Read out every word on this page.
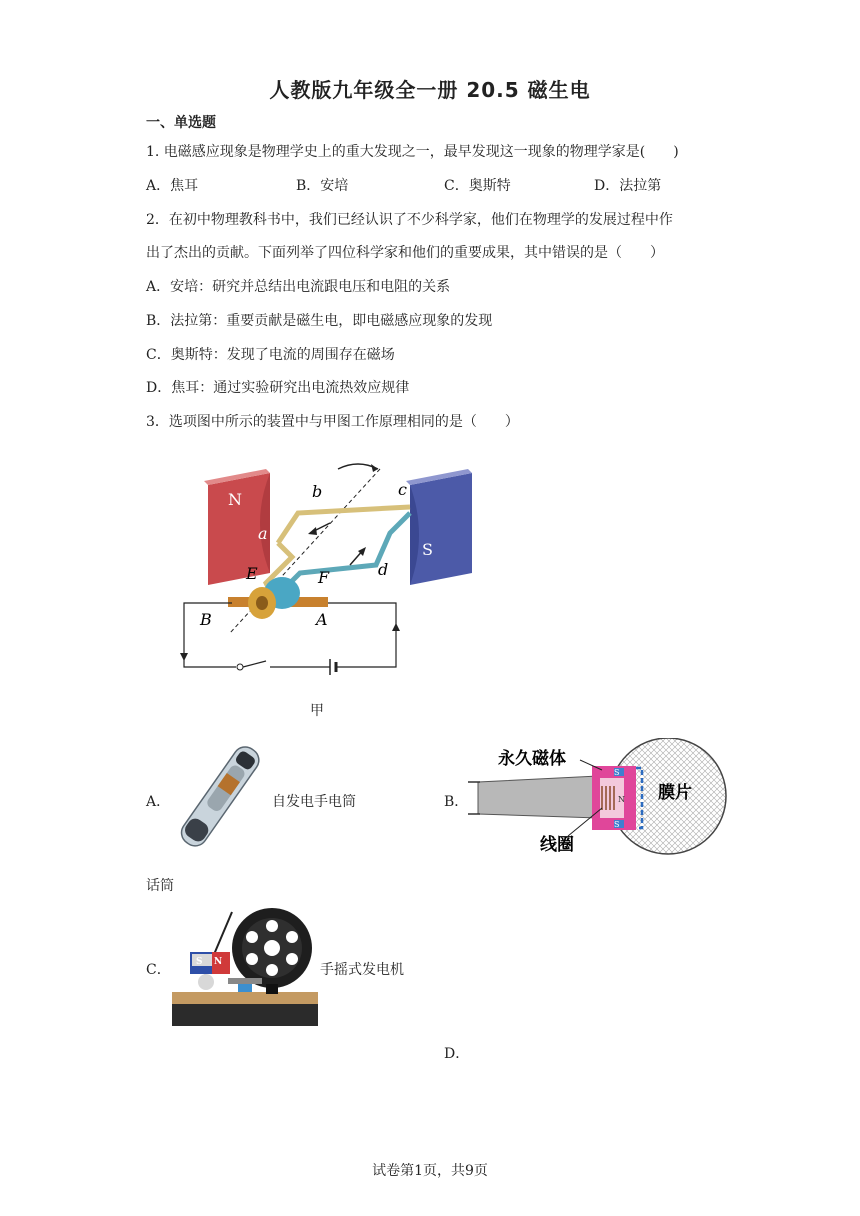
人教版九年级全一册 20.5 磁生电
一、单选题
1. 电磁感应现象是物理学史上的重大发现之一，最早发现这一现象的物理学家是(　　)
A．焦耳	B．安培	C．奥斯特	D．法拉第
2．在初中物理教科书中，我们已经认识了不少科学家，他们在物理学的发展过程中作
出了杰出的贡献。下面列举了四位科学家和他们的重要成果，其中错误的是（　　）
A．安培：研究并总结出电流跟电压和电阻的关系
B．法拉第：重要贡献是磁生电，即电磁感应现象的发现
C．奥斯特：发现了电流的周围存在磁场
D．焦耳：通过实验研究出电流热效应规律
3．选项图中所示的装置中与甲图工作原理相同的是（　　）
N
S
b	c
a
d
E	F
B	A
甲
A．	自发电手电筒	B．
S
N
S
永久磁体
线圈
膜片
话筒
C．	S N	手摇式发电机
D．
试卷第1页，共9页
